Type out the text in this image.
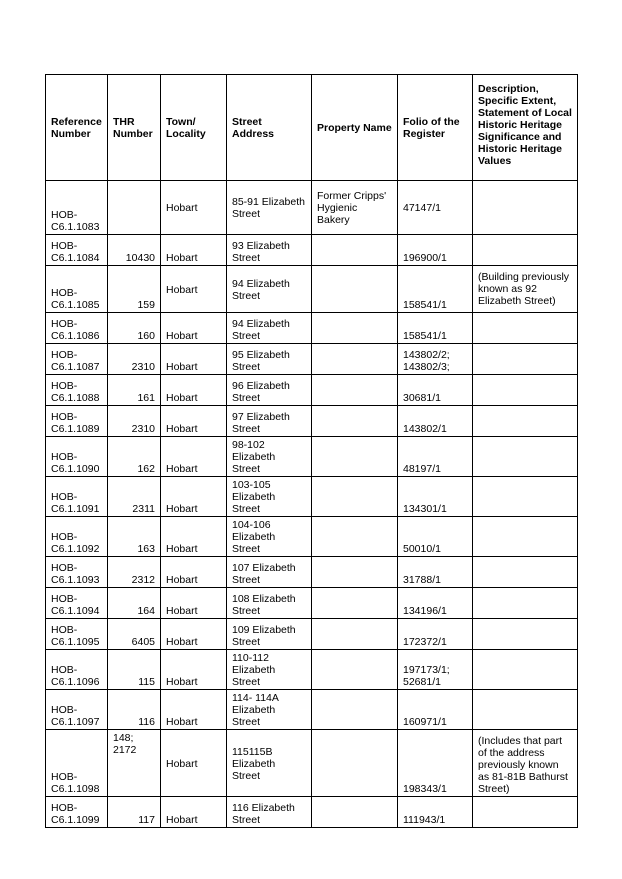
Reference Number	THR Number	Town/ Locality	Street Address	Property Name	Folio of the Register	Description, Specific Extent, Statement of Local Historic Heritage Significance and Historic Heritage Values
HOB-C6.1.1083		Hobart	85-91 Elizabeth Street	Former Cripps' Hygienic Bakery	47147/1	
HOB-C6.1.1084	10430	Hobart	93 Elizabeth Street		196900/1	
HOB-C6.1.1085	159	Hobart	94 Elizabeth Street		158541/1	(Building previously known as 92 Elizabeth Street)
HOB-C6.1.1086	160	Hobart	94 Elizabeth Street		158541/1	
HOB-C6.1.1087	2310	Hobart	95 Elizabeth Street		143802/2; 143802/3;	
HOB-C6.1.1088	161	Hobart	96 Elizabeth Street		30681/1	
HOB-C6.1.1089	2310	Hobart	97 Elizabeth Street		143802/1	
HOB-C6.1.1090	162	Hobart	98-102 Elizabeth Street		48197/1	
HOB-C6.1.1091	2311	Hobart	103-105 Elizabeth Street		134301/1	
HOB-C6.1.1092	163	Hobart	104-106 Elizabeth Street		50010/1	
HOB-C6.1.1093	2312	Hobart	107 Elizabeth Street		31788/1	
HOB-C6.1.1094	164	Hobart	108 Elizabeth Street		134196/1	
HOB-C6.1.1095	6405	Hobart	109 Elizabeth Street		172372/1	
HOB-C6.1.1096	115	Hobart	110-112 Elizabeth Street		197173/1; 52681/1	
HOB-C6.1.1097	116	Hobart	114- 114A Elizabeth Street		160971/1	
HOB-C6.1.1098	148; 2172	Hobart	115115B Elizabeth Street		198343/1	(Includes that part of the address previously known as 81-81B Bathurst Street)
HOB-C6.1.1099	117	Hobart	116 Elizabeth Street		111943/1	
